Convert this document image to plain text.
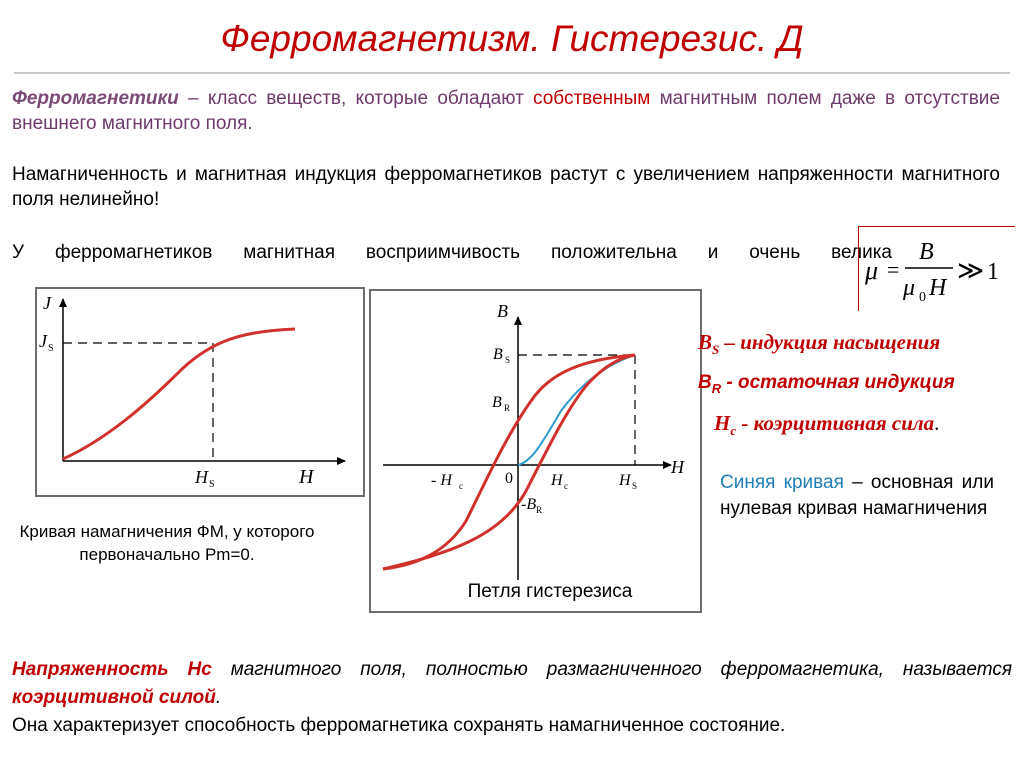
Ферромагнетизм. Гистерезис. Д
Ферромагнетики – класс веществ, которые обладают собственным магнитным полем даже в отсутствие внешнего магнитного поля.
Намагниченность и магнитная индукция ферромагнетиков растут с увеличением напряженности магнитного поля нелинейно!
У ферромагнетиков магнитная восприимчивость положительна и очень велика
μ =
B
μ 0 H
≫ 1
J
H
J S
H S
Кривая намагничения ФМ, у которого первоначально Pm=0.
B
H
B S
B R
-B R
- H c	0 H c	H S
Петля гистерезиса
$B_S$ – индукция насыщения
$B_R$ - остаточная индукция
$H_c$ - коэрцитивная сила.
Синяя кривая – основная или нулевая кривая намагничения
Напряженность Нс магнитного поля, полностью размагниченного ферромагнетика, называется коэрцитивной силой.
Она характеризует способность ферромагнетика сохранять намагниченное состояние.
